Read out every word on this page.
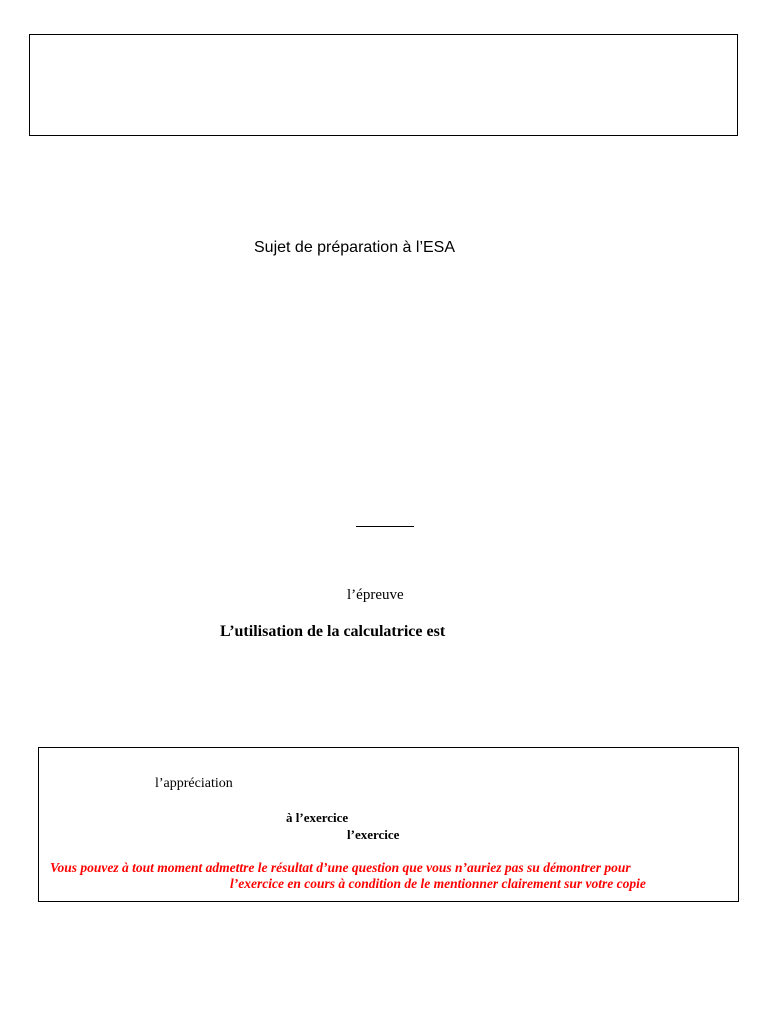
Sujet de préparation à l’ESA
l’épreuve
L’utilisation de la calculatrice est
l’appréciation
à l’exercice
l’exercice
Vous pouvez à tout moment admettre le résultat d’une question que vous n’auriez pas su démontrer pour
l’exercice en cours à condition de le mentionner clairement sur votre copie
